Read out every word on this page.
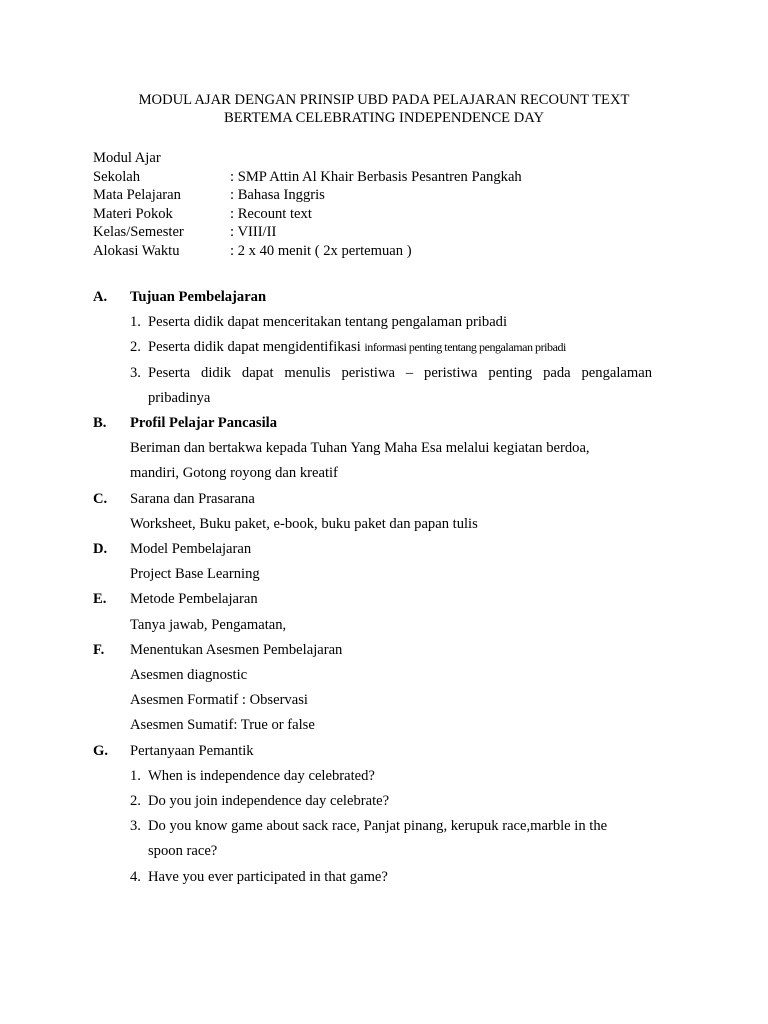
MODUL AJAR DENGAN PRINSIP UBD PADA PELAJARAN RECOUNT TEXT
BERTEMA CELEBRATING INDEPENDENCE DAY
Modul Ajar
Sekolah	: SMP Attin Al Khair Berbasis Pesantren Pangkah
Mata Pelajaran	: Bahasa Inggris
Materi Pokok	: Recount text
Kelas/Semester	: VIII/II
Alokasi Waktu	: 2 x 40 menit ( 2x pertemuan )
A.	Tujuan Pembelajaran
1. Peserta didik dapat menceritakan tentang pengalaman pribadi
2. Peserta didik dapat mengidentifikasi informasi penting tentang pengalaman pribadi
3. Peserta didik dapat menulis peristiwa – peristiwa penting pada pengalaman
pribadinya
B.	Profil Pelajar Pancasila
Beriman dan bertakwa kepada Tuhan Yang Maha Esa melalui kegiatan berdoa,
mandiri, Gotong royong dan kreatif
C.	Sarana dan Prasarana
Worksheet, Buku paket, e-book, buku paket dan papan tulis
D.	Model Pembelajaran
Project Base Learning
E.	Metode Pembelajaran
Tanya jawab, Pengamatan,
F.	Menentukan Asesmen Pembelajaran
Asesmen diagnostic
Asesmen Formatif : Observasi
Asesmen Sumatif: True or false
G.	Pertanyaan Pemantik
1. When is independence day celebrated?
2. Do you join independence day celebrate?
3. Do you know game about sack race, Panjat pinang, kerupuk race,marble in the
spoon race?
4. Have you ever participated in that game?
